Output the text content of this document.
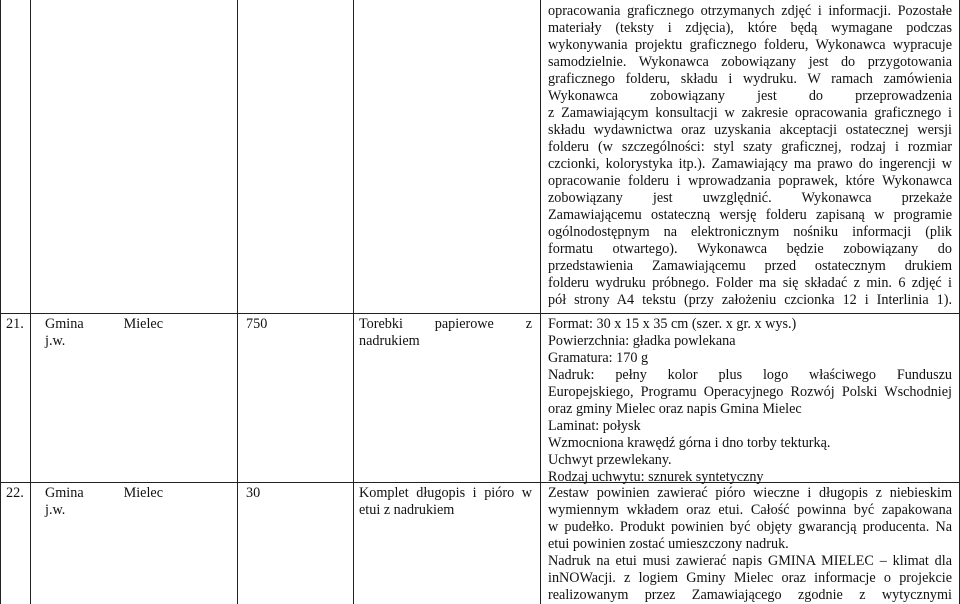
opracowania graficznego otrzymanych zdjęć i informacji. Pozostałe

materiały (teksty i zdjęcia), które będą wymagane podczas

wykonywania projektu graficznego folderu, Wykonawca wypracuje

samodzielnie. Wykonawca zobowiązany jest do przygotowania

graficznego folderu, składu i wydruku. W ramach zamówienia

Wykonawca zobowiązany jest do przeprowadzenia

z Zamawiającym konsultacji w zakresie opracowania graficznego i

składu wydawnictwa oraz uzyskania akceptacji ostatecznej wersji

folderu (w szczególności: styl szaty graficznej, rodzaj i rozmiar

czcionki, kolorystyka itp.). Zamawiający ma prawo do ingerencji w

opracowanie folderu i wprowadzania poprawek, które Wykonawca

zobowiązany jest uwzględnić. Wykonawca przekaże

Zamawiającemu ostateczną wersję folderu zapisaną w programie

ogólnodostępnym na elektronicznym nośniku informacji (plik

formatu otwartego). Wykonawca będzie zobowiązany do

przedstawienia Zamawiającemu przed ostatecznym drukiem

folderu wydruku próbnego. Folder ma się składać z min. 6 zdjęć i

pół strony A4 tekstu (przy założeniu czcionka 12 i Interlinia 1).

21. Gmina Mielec
j.w.
750	Torebki papierowe z
nadrukiem

Format: 30 x 15 x 35 cm (szer. x gr. x wys.)

Powierzchnia: gładka powlekana

Gramatura: 170 g

Nadruk: pełny kolor plus logo właściwego Funduszu

Europejskiego, Programu Operacyjnego Rozwój Polski Wschodniej

oraz gminy Mielec oraz napis Gmina Mielec

Laminat: połysk

Wzmocniona krawędź górna i dno torby tekturką.

Uchwyt przewlekany.

Rodzaj uchwytu: sznurek syntetyczny

22. Gmina Mielec
j.w.
30	Komplet długopis i pióro w
etui z nadrukiem

Zestaw powinien zawierać pióro wieczne i długopis z niebieskim

wymiennym wkładem oraz etui. Całość powinna być zapakowana

w pudełko. Produkt powinien być objęty gwarancją producenta. Na

etui powinien zostać umieszczony nadruk.

Nadruk na etui musi zawierać napis GMINA MIELEC – klimat dla

inNOWacji. z logiem Gminy Mielec oraz informacje o projekcie

realizowanym przez Zamawiającego zgodnie z wytycznymi
